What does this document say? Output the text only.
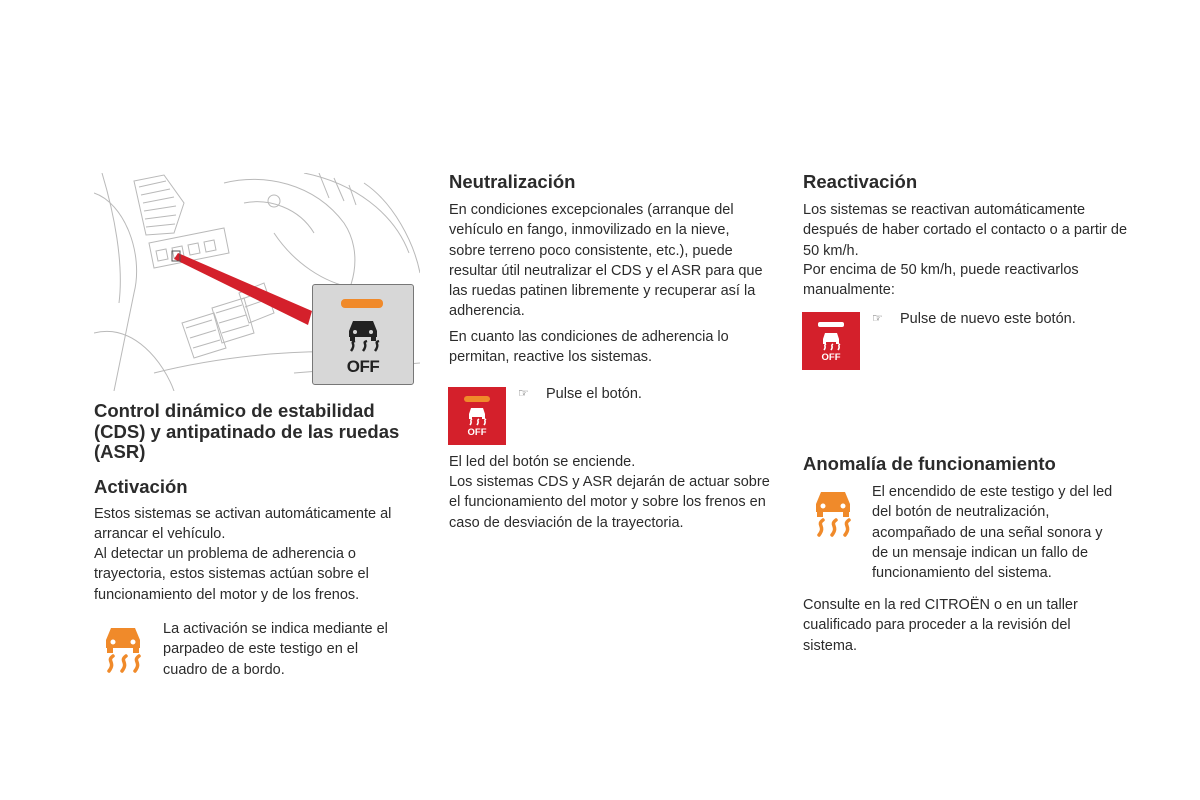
OFF
Control dinámico de estabilidad (CDS) y antipatinado de las ruedas (ASR)
Activación

Estos sistemas se activan automáticamente al arrancar el vehículo.

Al detectar un problema de adherencia o trayectoria, estos sistemas actúan sobre el funcionamiento del motor y de los frenos.

La activación se indica mediante el parpadeo de este testigo en el cuadro de a bordo.

Neutralización

En condiciones excepcionales (arranque del vehículo en fango, inmovilizado en la nieve, sobre terreno poco consistente, etc.), puede resultar útil neutralizar el CDS y el ASR para que las ruedas patinen libremente y recuperar así la adherencia.

En cuanto las condiciones de adherencia lo permitan, reactive los sistemas.

OFF
☞ Pulse el botón.

El led del botón se enciende.

Los sistemas CDS y ASR dejarán de actuar sobre el funcionamiento del motor y sobre los frenos en caso de desviación de la trayectoria.

Reactivación

Los sistemas se reactivan automáticamente después de haber cortado el contacto o a partir de 50 km/h.

Por encima de 50 km/h, puede reactivarlos manualmente:

OFF
☞ Pulse de nuevo este botón.

Anomalía de funcionamiento

El encendido de este testigo y del led del botón de neutralización, acompañado de una señal sonora y de un mensaje indican un fallo de funcionamiento del sistema.

Consulte en la red CITROËN o en un taller cualificado para proceder a la revisión del sistema.
